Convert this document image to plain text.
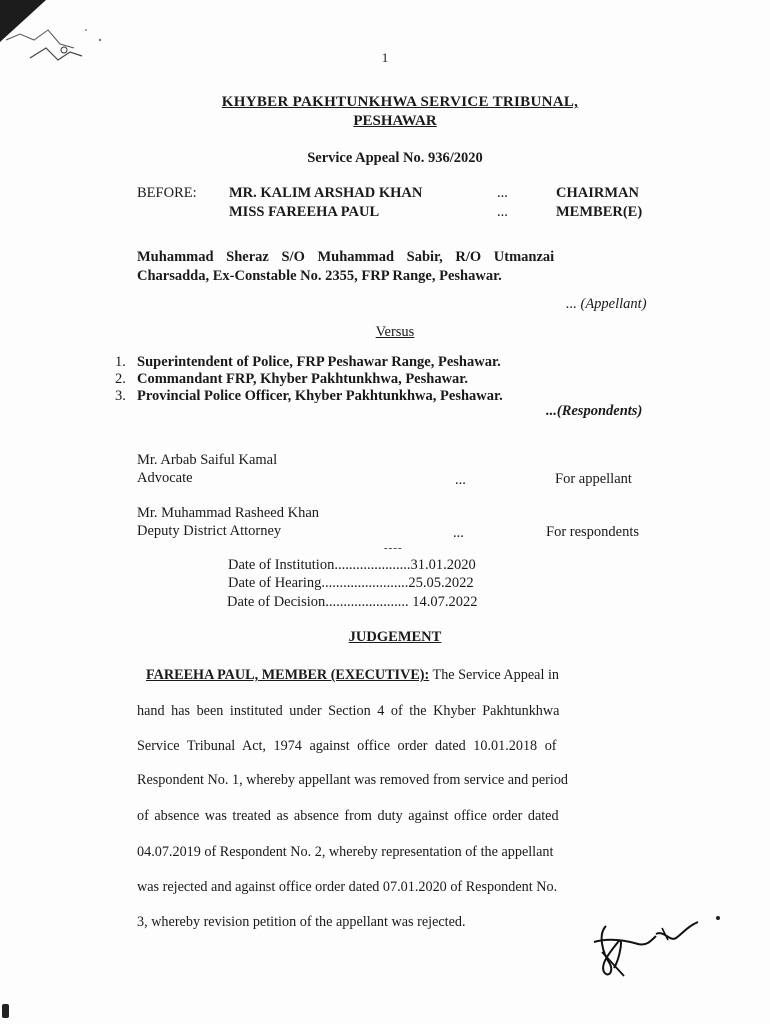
1
KHYBER PAKHTUNKHWA SERVICE TRIBUNAL,
PESHAWAR
Service Appeal No. 936/2020
BEFORE: MR. KALIM ARSHAD KHAN	...	CHAIRMAN
MISS FAREEHA PAUL	...	MEMBER(E)
Muhammad Sheraz S/O Muhammad Sabir, R/O Utmanzai
Charsadda, Ex-Constable No. 2355, FRP Range, Peshawar.
... (Appellant)
Versus
1. Superintendent of Police, FRP Peshawar Range, Peshawar.
2. Commandant FRP, Khyber Pakhtunkhwa, Peshawar.
3. Provincial Police Officer, Khyber Pakhtunkhwa, Peshawar.
...(Respondents)
Mr. Arbab Saiful Kamal
Advocate	...	For appellant
Mr. Muhammad Rasheed Khan
Deputy District Attorney	...	For respondents
----
Date of Institution.....................31.01.2020
Date of Hearing........................25.05.2022
Date of Decision....................... 14.07.2022
JUDGEMENT
FAREEHA PAUL, MEMBER (EXECUTIVE): The Service Appeal in
hand has been instituted under Section 4 of the Khyber Pakhtunkhwa
Service Tribunal Act, 1974 against office order dated 10.01.2018 of
Respondent No. 1, whereby appellant was removed from service and period
of absence was treated as absence from duty against office order dated
04.07.2019 of Respondent No. 2, whereby representation of the appellant
was rejected and against office order dated 07.01.2020 of Respondent No.
3, whereby revision petition of the appellant was rejected.
